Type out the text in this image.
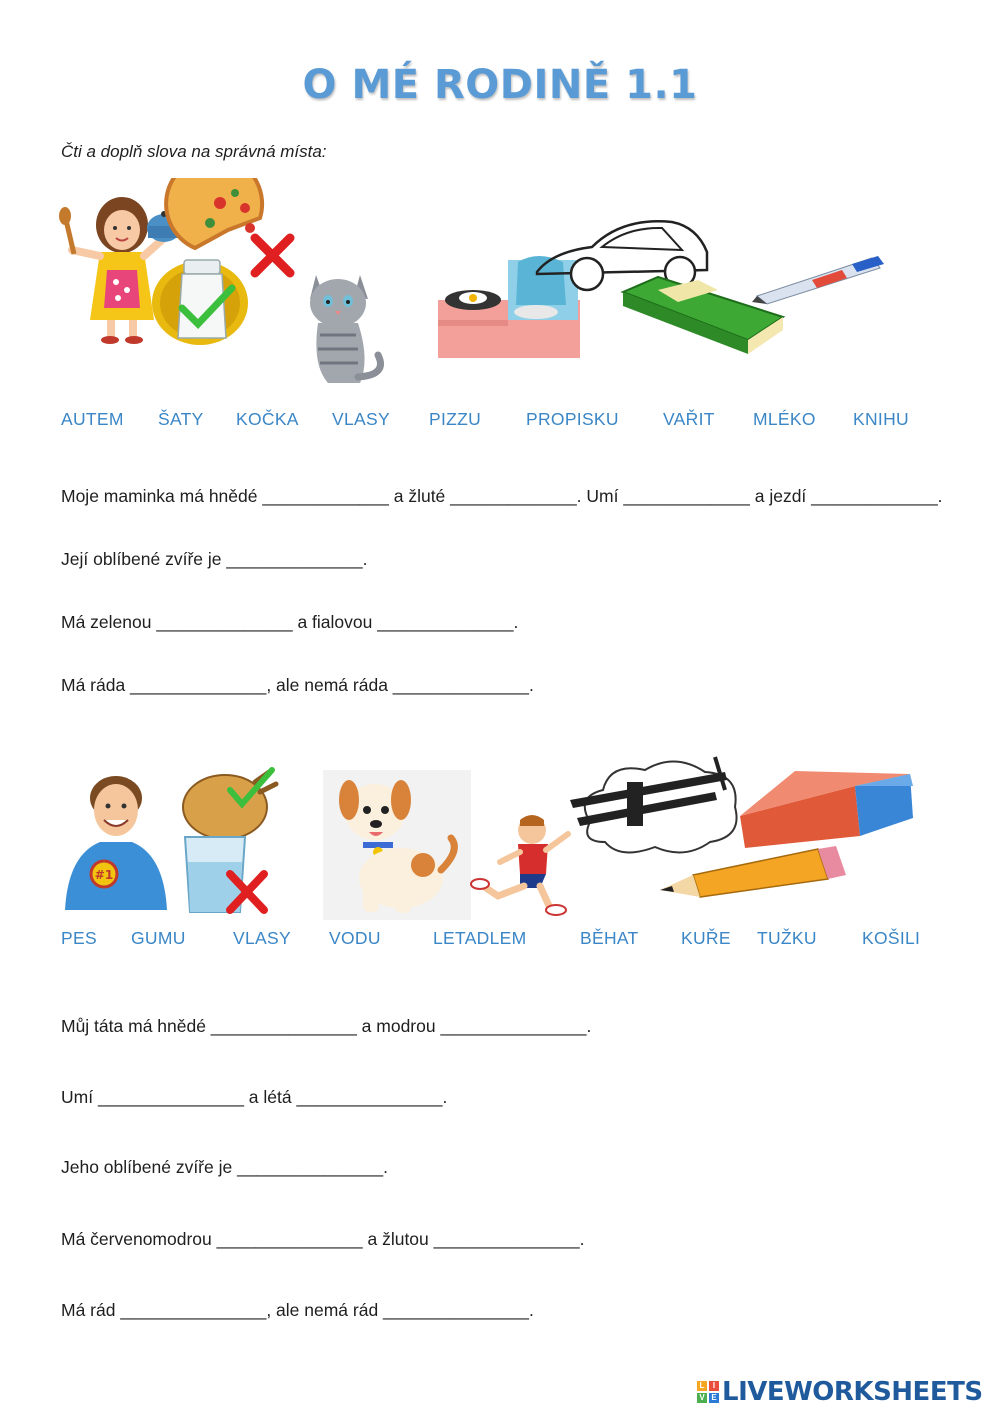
O MÉ RODINĚ 1.1
Čti a doplň slova na správná místa:
AUTEM ŠATY KOČKA VLASY PIZZU	PROPISKU	VAŘIT MLÉKO KNIHU
Moje maminka má hnědé _____________ a žluté _____________. Umí _____________ a jezdí _____________.
Její oblíbené zvíře je ______________.
Má zelenou ______________ a fialovou ______________.
Má ráda ______________, ale nemá ráda ______________.
#1
PES GUMU	VLASY VODU	LETADLEM	BĚHAT KUŘE TUŽKU	KOŠILI
Můj táta má hnědé _______________ a modrou _______________.
Umí _______________ a létá _______________.
Jeho oblíbené zvíře je _______________.
Má červenomodrou _______________ a žlutou _______________.
Má rád _______________, ale nemá rád _______________.
L	I
V E LIVEWORKSHEETS
